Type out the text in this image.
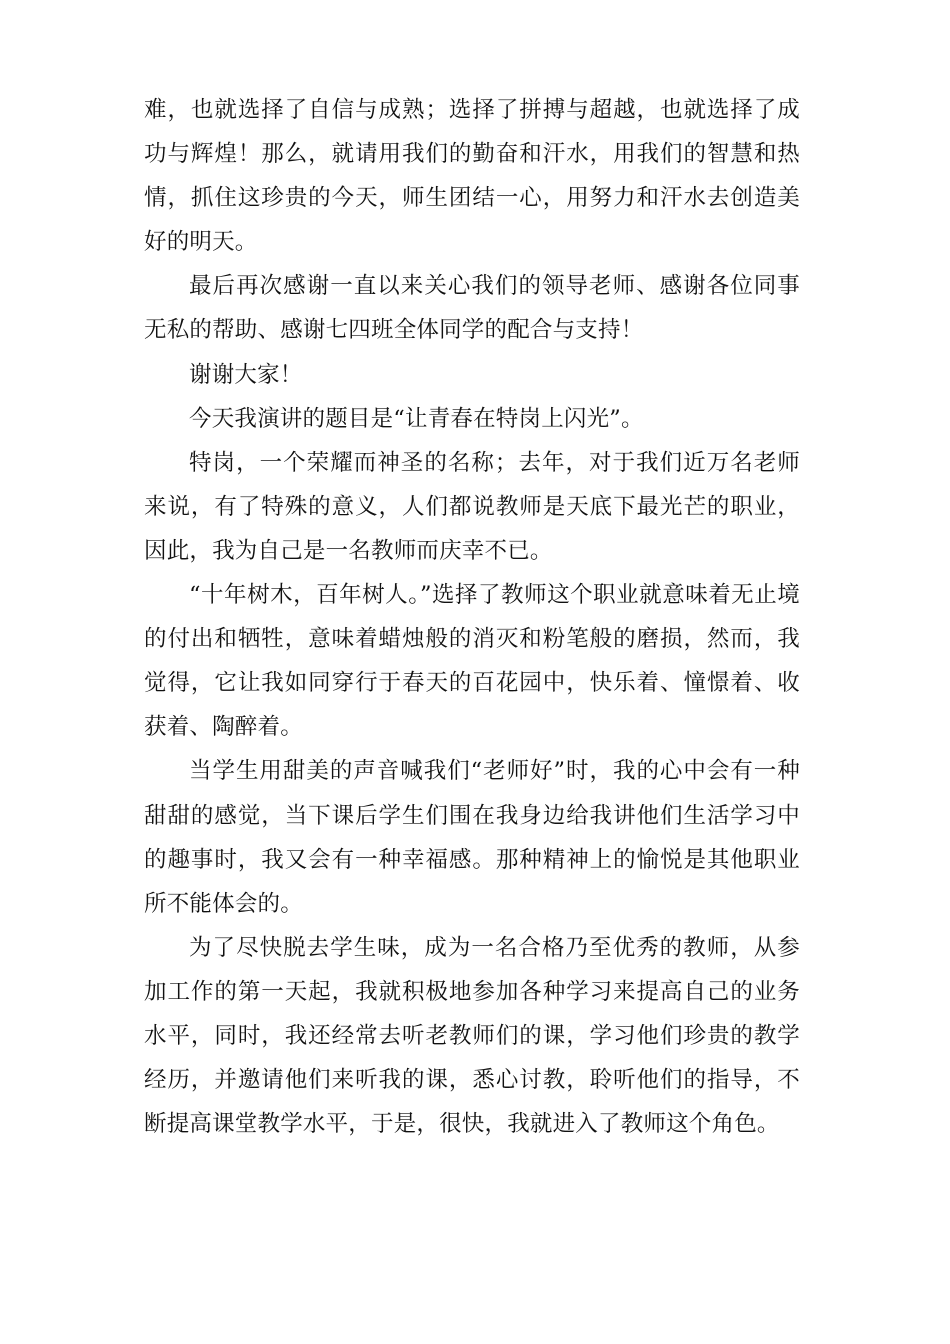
难，也就选择了自信与成熟；选择了拼搏与超越，也就选择了成功与辉煌！那么，就请用我们的勤奋和汗水，用我们的智慧和热情，抓住这珍贵的今天，师生团结一心，用努力和汗水去创造美好的明天。

最后再次感谢一直以来关心我们的领导老师、感谢各位同事无私的帮助、感谢七四班全体同学的配合与支持！

谢谢大家！

今天我演讲的题目是“让青春在特岗上闪光”。

特岗，一个荣耀而神圣的名称；去年，对于我们近万名老师来说，有了特殊的意义，人们都说教师是天底下最光芒的职业，因此，我为自己是一名教师而庆幸不已。

“十年树木，百年树人。”选择了教师这个职业就意味着无止境的付出和牺牲，意味着蜡烛般的消灭和粉笔般的磨损，然而，我觉得，它让我如同穿行于春天的百花园中，快乐着、憧憬着、收获着、陶醉着。

当学生用甜美的声音喊我们“老师好”时，我的心中会有一种甜甜的感觉，当下课后学生们围在我身边给我讲他们生活学习中的趣事时，我又会有一种幸福感。那种精神上的愉悦是其他职业所不能体会的。

为了尽快脱去学生味，成为一名合格乃至优秀的教师，从参加工作的第一天起，我就积极地参加各种学习来提高自己的业务水平，同时，我还经常去听老教师们的课，学习他们珍贵的教学经历，并邀请他们来听我的课，悉心讨教，聆听他们的指导，不断提高课堂教学水平，于是，很快，我就进入了教师这个角色。
